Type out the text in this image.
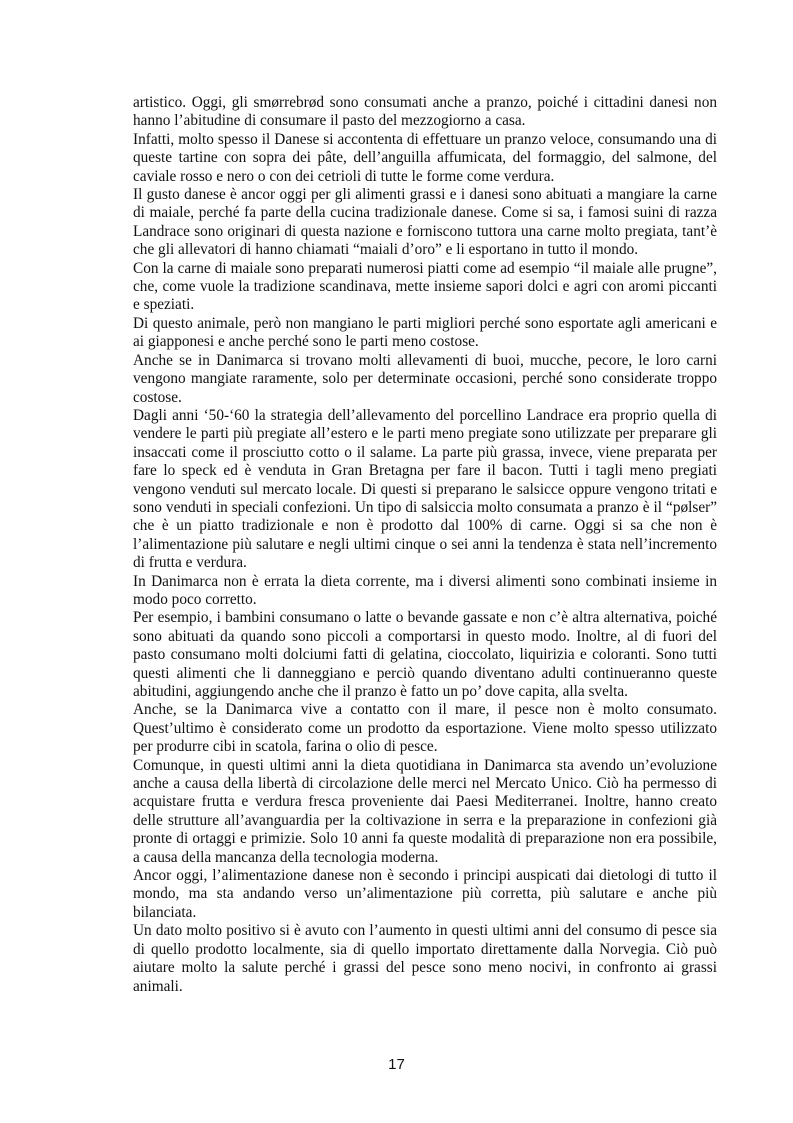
artistico. Oggi, gli smørrebrød sono consumati anche a pranzo, poiché i cittadini danesi non hanno l’abitudine di consumare il pasto del mezzogiorno a casa.

Infatti, molto spesso il Danese si accontenta di effettuare un pranzo veloce, consumando una di queste tartine con sopra dei pâte, dell’anguilla affumicata, del formaggio, del salmone, del caviale rosso e nero o con dei cetrioli di tutte le forme come verdura.

Il gusto danese è ancor oggi per gli alimenti grassi e i danesi sono abituati a mangiare la carne di maiale, perché fa parte della cucina tradizionale danese. Come si sa, i famosi suini di razza Landrace sono originari di questa nazione e forniscono tuttora una carne molto pregiata, tant’è che gli allevatori di hanno chiamati “maiali d’oro” e li esportano in tutto il mondo.

Con la carne di maiale sono preparati numerosi piatti come ad esempio “il maiale alle prugne”, che, come vuole la tradizione scandinava, mette insieme sapori dolci e agri con aromi piccanti e speziati.

Di questo animale, però non mangiano le parti migliori perché sono esportate agli americani e ai giapponesi e anche perché sono le parti meno costose.

Anche se in Danimarca si trovano molti allevamenti di buoi, mucche, pecore, le loro carni vengono mangiate raramente, solo per determinate occasioni, perché sono considerate troppo costose.

Dagli anni ‘50-‘60 la strategia dell’allevamento del porcellino Landrace era proprio quella di vendere le parti più pregiate all’estero e le parti meno pregiate sono utilizzate per preparare gli insaccati come il prosciutto cotto o il salame. La parte più grassa, invece, viene preparata per fare lo speck ed è venduta in Gran Bretagna per fare il bacon. Tutti i tagli meno pregiati vengono venduti sul mercato locale. Di questi si preparano le salsicce oppure vengono tritati e sono venduti in speciali confezioni. Un tipo di salsiccia molto consumata a pranzo è il “pølser” che è un piatto tradizionale e non è prodotto dal 100% di carne. Oggi si sa che non è l’alimentazione più salutare e negli ultimi cinque o sei anni la tendenza è stata nell’incremento di frutta e verdura.

In Danimarca non è errata la dieta corrente, ma i diversi alimenti sono combinati insieme in modo poco corretto.

Per esempio, i bambini consumano o latte o bevande gassate e non c’è altra alternativa, poiché sono abituati da quando sono piccoli a comportarsi in questo modo. Inoltre, al di fuori del pasto consumano molti dolciumi fatti di gelatina, cioccolato, liquirizia e coloranti. Sono tutti questi alimenti che li danneggiano e perciò quando diventano adulti continueranno queste abitudini, aggiungendo anche che il pranzo è fatto un po’ dove capita, alla svelta.

Anche, se la Danimarca vive a contatto con il mare, il pesce non è molto consumato. Quest’ultimo è considerato come un prodotto da esportazione. Viene molto spesso utilizzato per produrre cibi in scatola, farina o olio di pesce.

Comunque, in questi ultimi anni la dieta quotidiana in Danimarca sta avendo un’evoluzione anche a causa della libertà di circolazione delle merci nel Mercato Unico. Ciò ha permesso di acquistare frutta e verdura fresca proveniente dai Paesi Mediterranei. Inoltre, hanno creato delle strutture all’avanguardia per la coltivazione in serra e la preparazione in confezioni già pronte di ortaggi e primizie. Solo 10 anni fa queste modalità di preparazione non era possibile, a causa della mancanza della tecnologia moderna.

Ancor oggi, l’alimentazione danese non è secondo i principi auspicati dai dietologi di tutto il mondo, ma sta andando verso un’alimentazione più corretta, più salutare e anche più bilanciata.

Un dato molto positivo si è avuto con l’aumento in questi ultimi anni del consumo di pesce sia di quello prodotto localmente, sia di quello importato direttamente dalla Norvegia. Ciò può aiutare molto la salute perché i grassi del pesce sono meno nocivi, in confronto ai grassi animali.

17
